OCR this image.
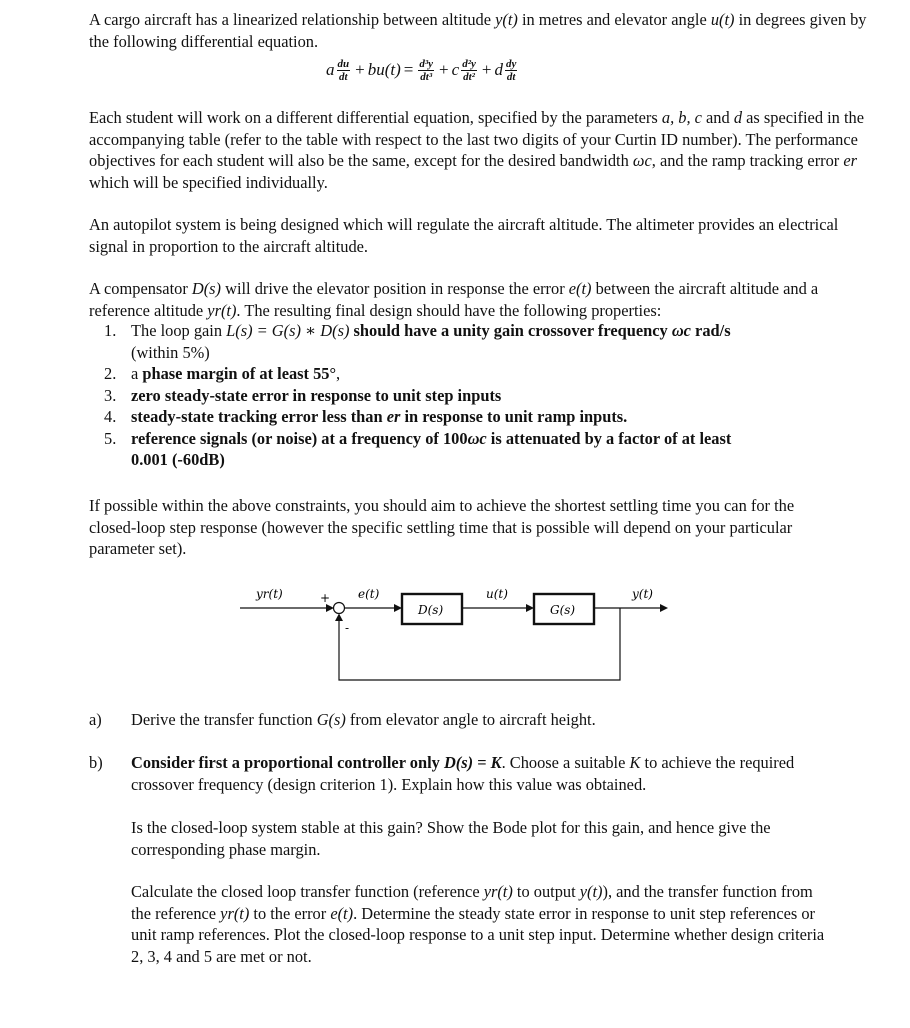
A cargo aircraft has a linearized relationship between altitude y(t) in metres and elevator angle u(t) in degrees given by the following differential equation.

a $\frac{du}{dt} + bu(t) = \frac{\text{d³y}}{\text{dt³}} + c \frac{\text{d²y}}{\text{dt²}} + d \frac{dy}{dt}$

Each student will work on a different differential equation, specified by the parameters a, b, c and d as specified in the accompanying table (refer to the table with respect to the last two digits of your Curtin ID number). The performance objectives for each student will also be the same, except for the desired bandwidth ωc, and the ramp tracking error er which will be specified individually.

An autopilot system is being designed which will regulate the aircraft altitude. The altimeter provides an electrical signal in proportion to the aircraft altitude.

A compensator D(s) will drive the elevator position in response the error e(t) between the aircraft altitude and a reference altitude yr(t). The resulting final design should have the following properties:

1. The loop gain L(s) = G(s) ∗ D(s) should have a unity gain crossover frequency ωc rad/s
(within 5%)
2. a phase margin of at least 55°,
3. zero steady-state error in response to unit step inputs
4. steady-state tracking error less than er in response to unit ramp inputs.
5. reference signals (or noise) at a frequency of 100ωc is attenuated by a factor of at least
0.001 (-60dB)

If possible within the above constraints, you should aim to achieve the shortest settling time you can for the closed-loop step response (however the specific settling time that is possible will depend on your particular parameter set).

yr(t)	+
-
e(t)
D(s)
u(t)
G(s)
y(t)
a)	Derive the transfer function G(s) from elevator angle to aircraft height.
b)	Consider first a proportional controller only D(s) = K. Choose a suitable K to achieve the required crossover frequency (design criterion 1). Explain how this value was obtained.

Is the closed-loop system stable at this gain? Show the Bode plot for this gain, and hence give the corresponding phase margin.

Calculate the closed loop transfer function (reference yr(t) to output y(t)), and the transfer function from the reference yr(t) to the error e(t). Determine the steady state error in response to unit step references or unit ramp references. Plot the closed-loop response to a unit step input. Determine whether design criteria 2, 3, 4 and 5 are met or not.
